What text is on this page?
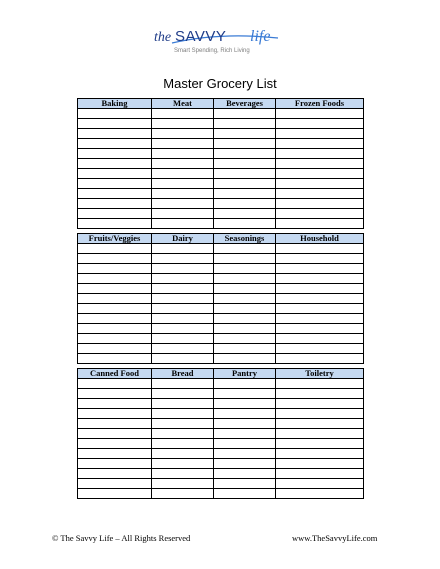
the SAVVY life
Smart Spending, Rich Living
Master Grocery List
Baking	Meat	Beverages	Frozen Foods

Fruits/Veggies	Dairy	Seasonings	Household

Canned Food	Bread	Pantry	Toiletry

© The Savvy Life – All Rights Reserved	www.TheSavvyLife.com
